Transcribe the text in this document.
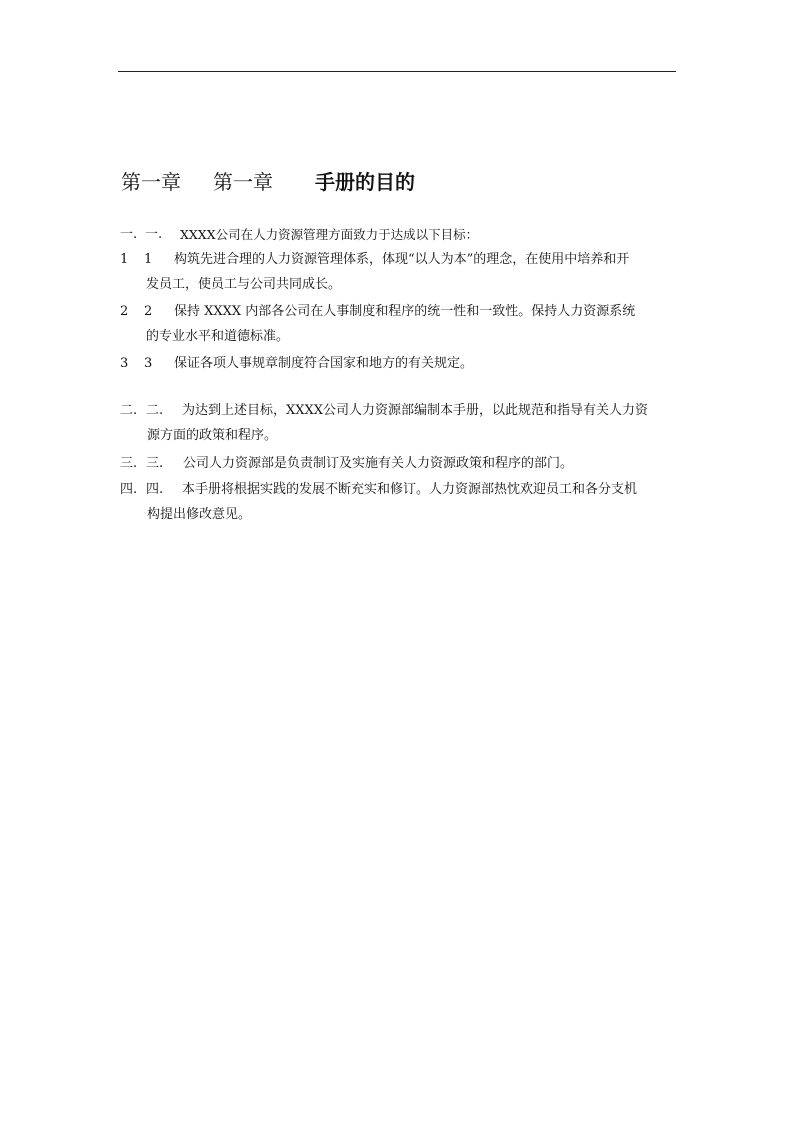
第一章 第一章 手册的目的
一. 一.	XXXX公司在人力资源管理方面致力于达成以下目标：
1 1	构筑先进合理的人力资源管理体系，体现“以人为本”的理念，在使用中培养和开
发员工，使员工与公司共同成长。
2 2	保持 XXXX 内部各公司在人事制度和程序的统一性和一致性。保持人力资源系统
的专业水平和道德标准。
3 3	保证各项人事规章制度符合国家和地方的有关规定。
二. 二.	为达到上述目标，XXXX公司人力资源部编制本手册，以此规范和指导有关人力资
源方面的政策和程序。
三. 三.	公司人力资源部是负责制订及实施有关人力资源政策和程序的部门。
四. 四.	本手册将根据实践的发展不断充实和修订。人力资源部热忱欢迎员工和各分支机
构提出修改意见。
